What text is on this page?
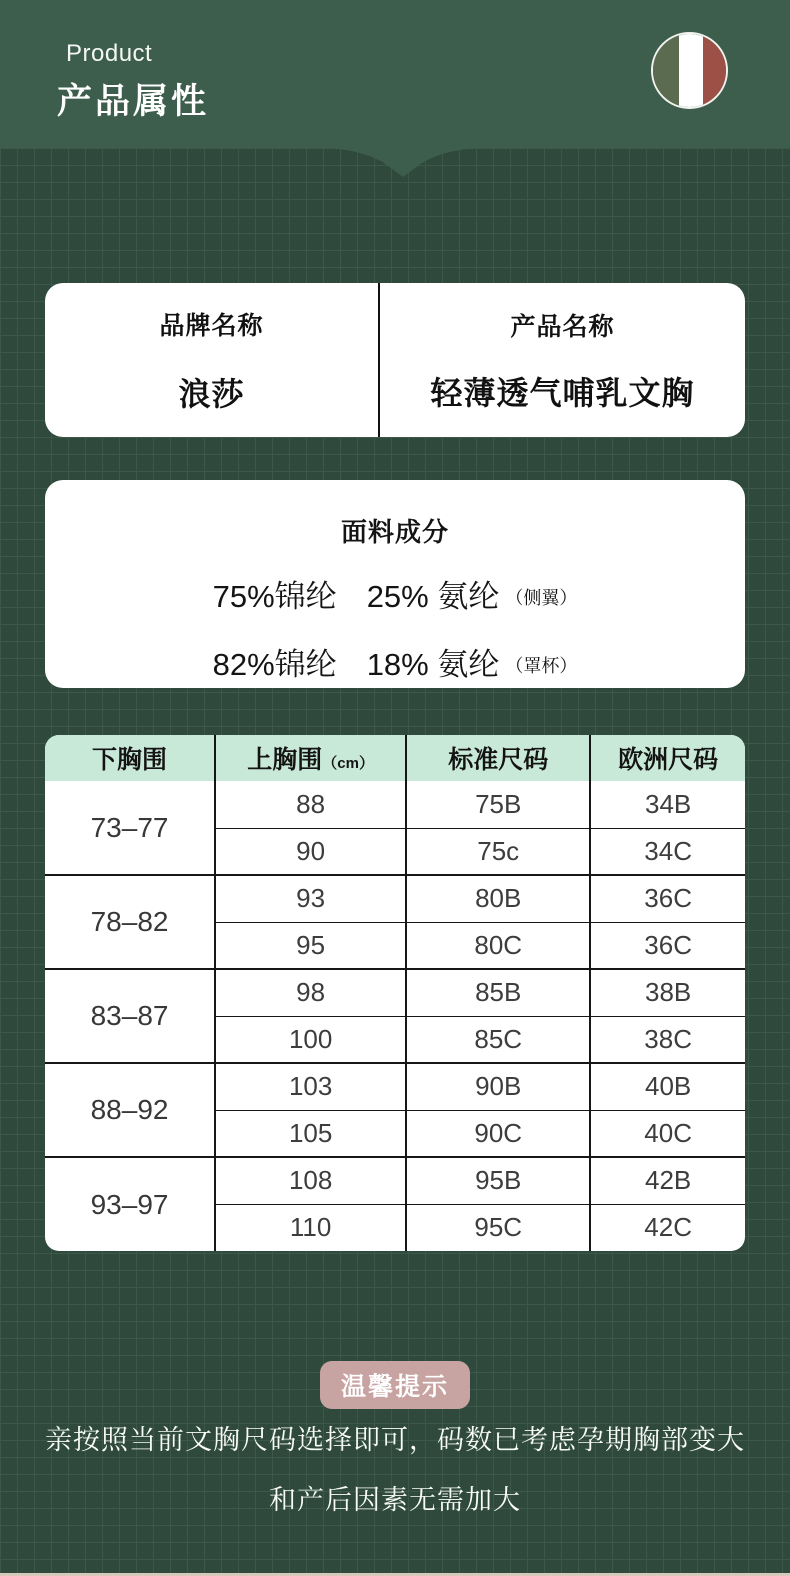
Product
产品属性
品牌名称
浪莎
产品名称
轻薄透气哺乳文胸
面料成分
75%锦纶 25% 氨纶 （侧翼）
82%锦纶 18% 氨纶 （罩杯）
下胸围	上胸围（cm）	标准尺码	欧洲尺码
73–77	88	75B	34B
	90	75c	34C
78–82	93	80B	36C
	95	80C	36C
83–87	98	85B	38B
	100	85C	38C
88–92	103	90B	40B
	105	90C	40C
93–97	108	95B	42B
	110	95C	42C
温馨提示

亲按照当前文胸尺码选择即可，码数已考虑孕期胸部变大

和产后因素无需加大
